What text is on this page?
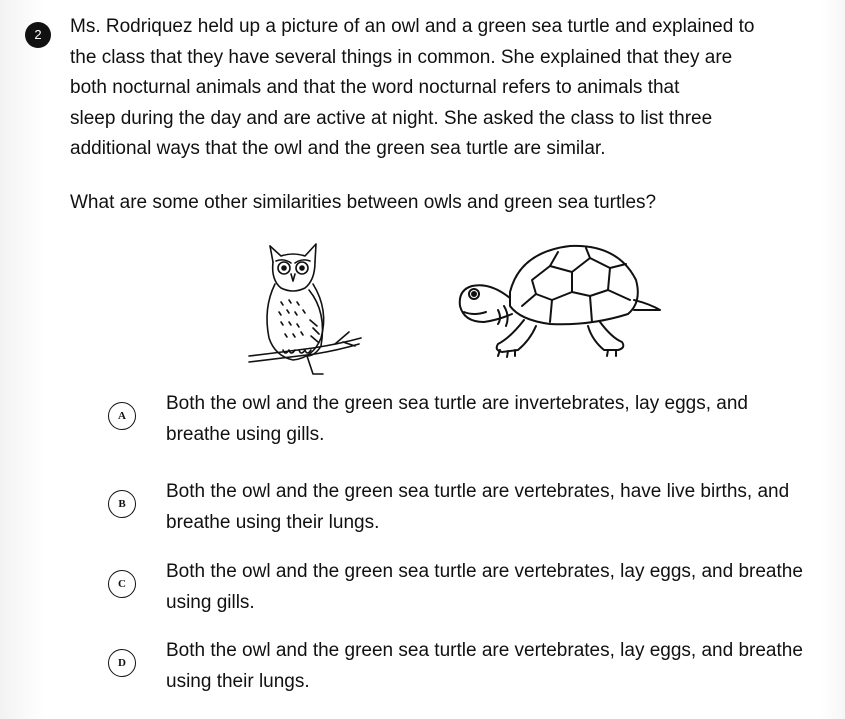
2	Ms. Rodriquez held up a picture of an owl and a green sea turtle and explained to
the class that they have several things in common. She explained that they are
both nocturnal animals and that the word nocturnal refers to animals that
sleep during the day and are active at night. She asked the class to list three
additional ways that the owl and the green sea turtle are similar.

What are some other similarities between owls and green sea turtles?

A
Both the owl and the green sea turtle are invertebrates, lay eggs, and
breathe using gills.
B
Both the owl and the green sea turtle are vertebrates, have live births, and
breathe using their lungs.
C
Both the owl and the green sea turtle are vertebrates, lay eggs, and breathe
using gills.
D
Both the owl and the green sea turtle are vertebrates, lay eggs, and breathe
using their lungs.
